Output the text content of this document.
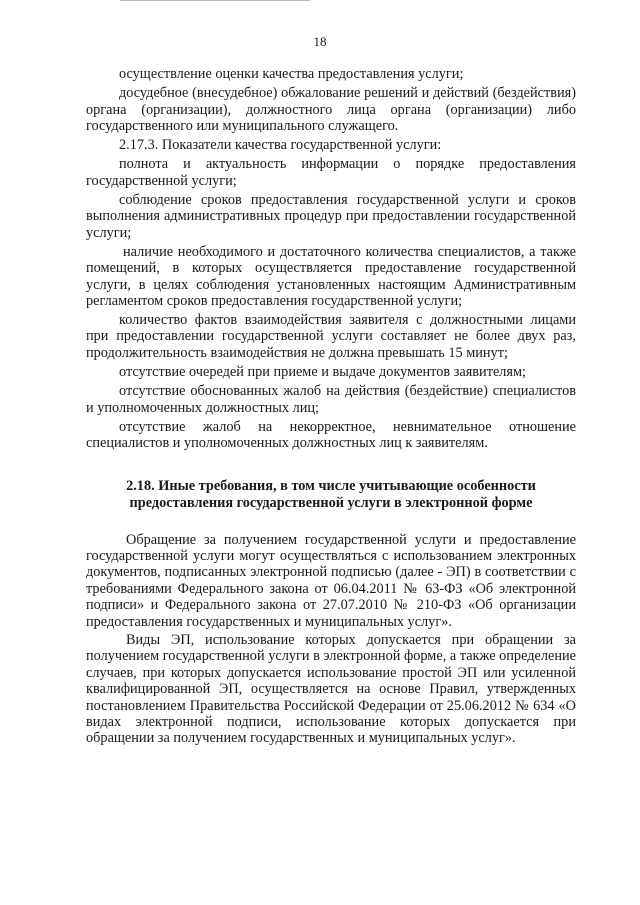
18

осуществление оценки качества предоставления услуги;

досудебное (внесудебное) обжалование решений и действий (бездействия) органа (организации), должностного лица органа (организации) либо государственного или муниципального служащего.

2.17.3. Показатели качества государственной услуги:

полнота и актуальность информации о порядке предоставления государственной услуги;

соблюдение сроков предоставления государственной услуги и сроков выполнения административных процедур при предоставлении государственной услуги;

наличие необходимого и достаточного количества специалистов, а также помещений, в которых осуществляется предоставление государственной услуги, в целях соблюдения установленных настоящим Административным регламентом сроков предоставления государственной услуги;

количество фактов взаимодействия заявителя с должностными лицами при предоставлении государственной услуги составляет не более двух раз, продолжительность взаимодействия не должна превышать 15 минут;

отсутствие очередей при приеме и выдаче документов заявителям;

отсутствие обоснованных жалоб на действия (бездействие) специалистов и уполномоченных должностных лиц;

отсутствие жалоб на некорректное, невнимательное отношение специалистов и уполномоченных должностных лиц к заявителям.

2.18. Иные требования, в том числе учитывающие особенности предоставления государственной услуги в электронной форме

Обращение за получением государственной услуги и предоставление государственной услуги могут осуществляться с использованием электронных документов, подписанных электронной подписью (далее - ЭП) в соответствии с требованиями Федерального закона от 06.04.2011 № 63-ФЗ «Об электронной подписи» и Федерального закона от 27.07.2010 № 210-ФЗ «Об организации предоставления государственных и муниципальных услуг».

Виды ЭП, использование которых допускается при обращении за получением государственной услуги в электронной форме, а также определение случаев, при которых допускается использование простой ЭП или усиленной квалифицированной ЭП, осуществляется на основе Правил, утвержденных постановлением Правительства Российской Федерации от 25.06.2012 № 634 «О видах электронной подписи, использование которых допускается при обращении за получением государственных и муниципальных услуг».
